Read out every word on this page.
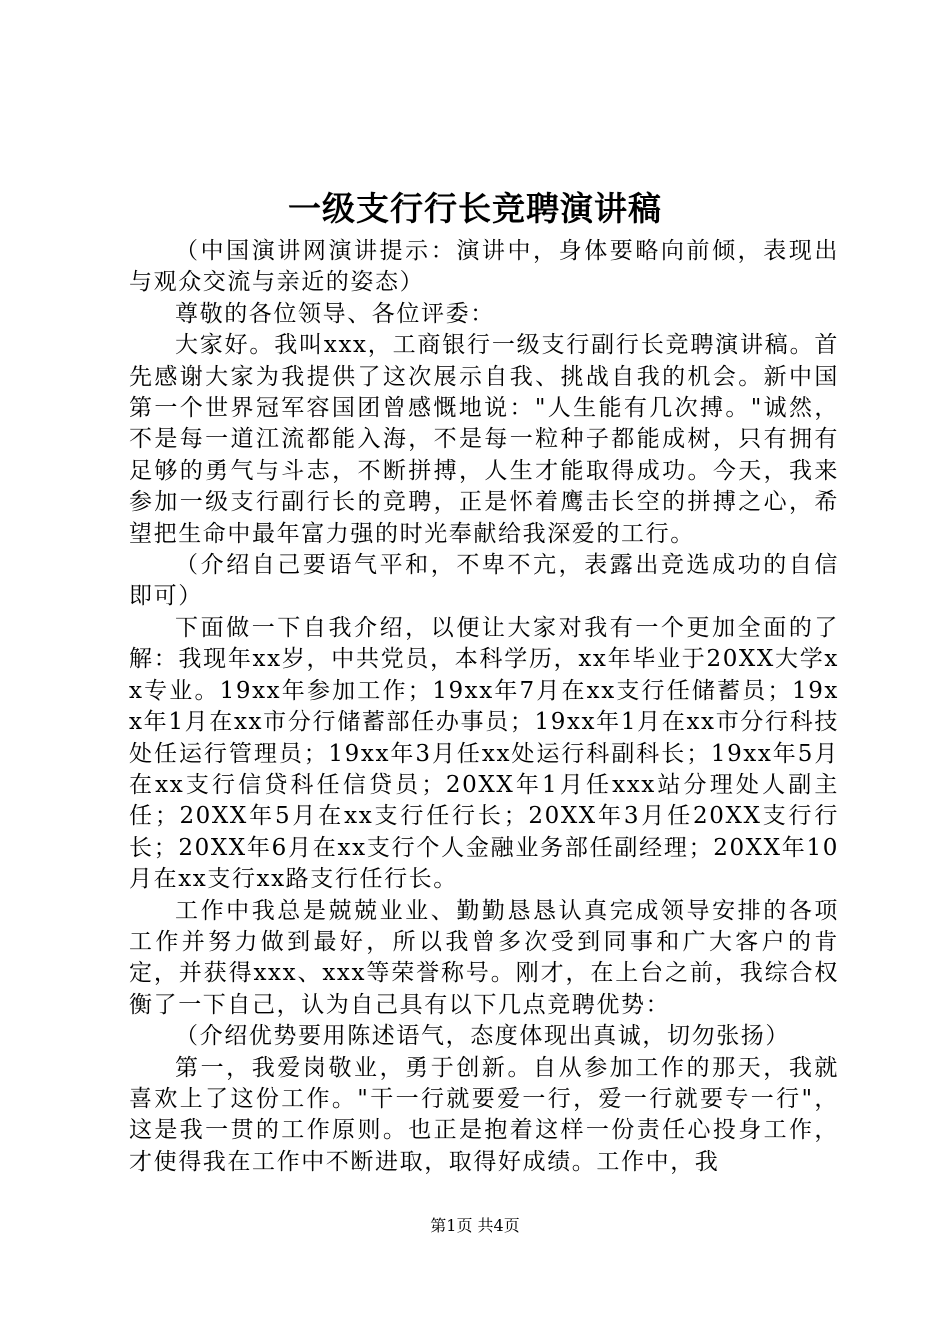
一级支行行长竞聘演讲稿

（中国演讲网演讲提示：演讲中，身体要略向前倾，表现出与观众交流与亲近的姿态）

尊敬的各位领导、各位评委：

大家好。我叫xxx，工商银行一级支行副行长竞聘演讲稿。首先感谢大家为我提供了这次展示自我、挑战自我的机会。新中国第一个世界冠军容国团曾感慨地说："人生能有几次搏。"诚然，不是每一道江流都能入海，不是每一粒种子都能成树，只有拥有足够的勇气与斗志，不断拼搏，人生才能取得成功。今天，我来参加一级支行副行长的竞聘，正是怀着鹰击长空的拼搏之心，希望把生命中最年富力强的时光奉献给我深爱的工行。

（介绍自己要语气平和，不卑不亢，表露出竞选成功的自信即可）

下面做一下自我介绍，以便让大家对我有一个更加全面的了解：我现年xx岁，中共党员，本科学历，xx年毕业于20XX大学xx专业。19xx年参加工作；19xx年7月在xx支行任储蓄员；19xx年1月在xx市分行储蓄部任办事员；19xx年1月在xx市分行科技处任运行管理员；19xx年3月任xx处运行科副科长；19xx年5月在xx支行信贷科任信贷员；20XX年1月任xxx站分理处人副主任；20XX年5月在xx支行任行长；20XX年3月任20XX支行行长；20XX年6月在xx支行个人金融业务部任副经理；20XX年10月在xx支行xx路支行任行长。

工作中我总是兢兢业业、勤勤恳恳认真完成领导安排的各项工作并努力做到最好，所以我曾多次受到同事和广大客户的肯定，并获得xxx、xxx等荣誉称号。刚才，在上台之前，我综合权衡了一下自己，认为自己具有以下几点竞聘优势：

（介绍优势要用陈述语气，态度体现出真诚，切勿张扬）

第一，我爱岗敬业，勇于创新。自从参加工作的那天，我就喜欢上了这份工作。"干一行就要爱一行，爱一行就要专一行"，这是我一贯的工作原则。也正是抱着这样一份责任心投身工作，才使得我在工作中不断进取，取得好成绩。工作中，我

第1页 共4页
